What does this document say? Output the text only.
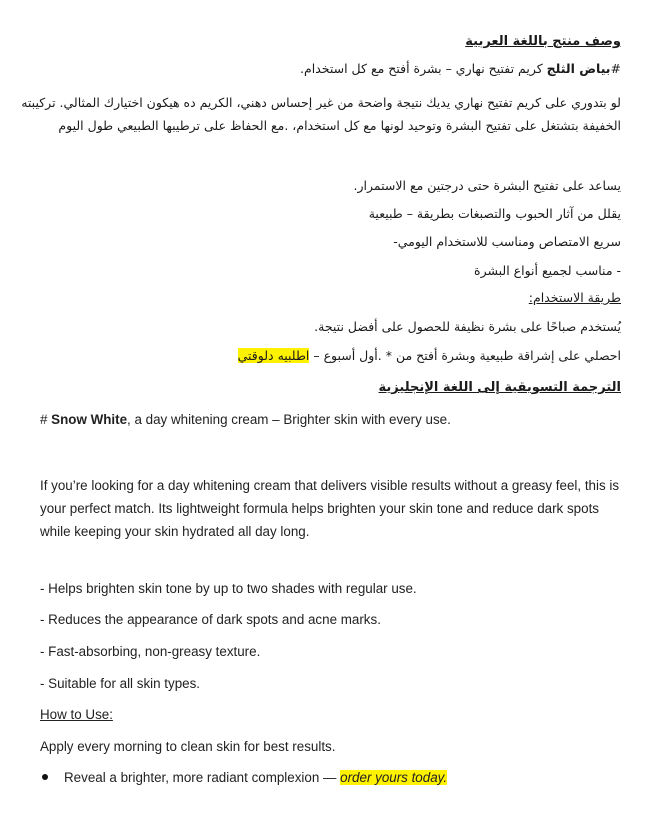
وصف منتج باللغة العربية
#بياض الثلج كريم تفتيح نهاري – بشرة أفتح مع كل استخدام.
لو بتدوري على كريم تفتيح نهاري يديك نتيجة واضحة من غير إحساس دهني، الكريم ده هيكون اختيارك المثالي. تركيبته
الخفيفة بتشتغل على تفتيح البشرة وتوحيد لونها مع كل استخدام، .مع الحفاظ على ترطيبها الطبيعي طول اليوم
يساعد على تفتيح البشرة حتى درجتين مع الاستمرار.
يقلل من آثار الحبوب والتصبغات بطريقة – طبيعية
سريع الامتصاص ومناسب للاستخدام اليومي-
- مناسب لجميع أنواع البشرة
طريقة الاستخدام:
يُستخدم صباحًا على بشرة نظيفة للحصول على أفضل نتيجة.
احصلي على إشراقة طبيعية وبشرة أفتح من * .أول أسبوع – اطلبيه دلوقتي
الترجمة التسويقية إلى اللغة الإنجليزية
# Snow White, a day whitening cream – Brighter skin with every use.
If you’re looking for a day whitening cream that delivers visible results without a greasy feel, this is your perfect match. Its lightweight formula helps brighten your skin tone and reduce dark spots while keeping your skin hydrated all day long.
- Helps brighten skin tone by up to two shades with regular use.
- Reduces the appearance of dark spots and acne marks.
- Fast-absorbing, non-greasy texture.
- Suitable for all skin types.
How to Use:
Apply every morning to clean skin for best results.
Reveal a brighter, more radiant complexion — order yours today.
